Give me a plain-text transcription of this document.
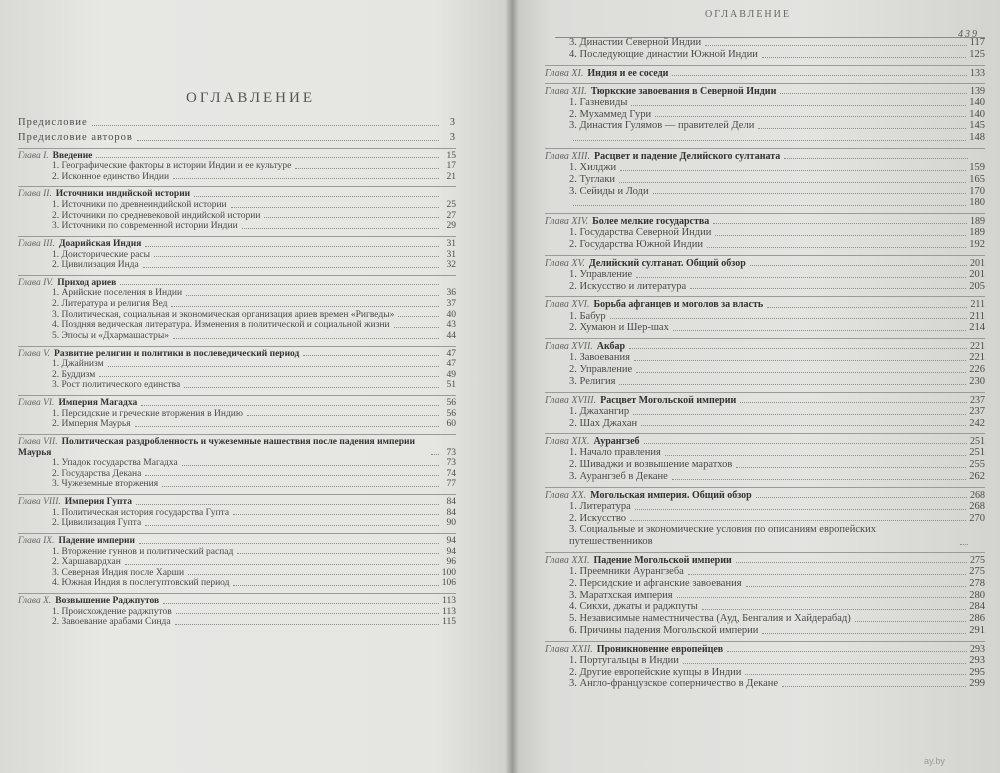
ОГЛАВЛЕНИЕ
ОГЛАВЛЕНИЕ
439
Предисловие	3
Предисловие авторов	3
Глава I. Введение	15
1. Географические факторы в истории Индии и ее культуре	17
2. Исконное единство Индии	21
Глава II. Источники индийской истории
1. Источники по древнеиндийской истории	25
2. Источники по средневековой индийской истории	27
3. Источники по современной истории Индии	29
Глава III. Доарийская Индия	31
1. Доисторические расы	31
2. Цивилизация Инда	32
Глава IV. Приход ариев
1. Арийские поселения в Индии	36
2. Литература и религия Вед	37
3. Политическая, социальная и экономическая организация ариев времен «Ригведы»	40
4. Поздняя ведическая литература. Изменения в политической и социальной жизни	43
5. Эпосы и «Дхармашастры»	44
Глава V. Развитие религии и политики в послеведический период	47
1. Джайнизм	47
2. Буддизм	49
3. Рост политического единства	51
Глава VI. Империя Магадха	56
1. Персидские и греческие вторжения в Индию	56
2. Империя Маурья	60
Глава VII. Политическая раздробленность и чужеземные нашествия после падения империи Маурья	73
1. Упадок государства Магадха	73
2. Государства Декана	74
3. Чужеземные вторжения	77
Глава VIII. Империя Гупта	84
1. Политическая история государства Гупта	84
2. Цивилизация Гупта	90
Глава IX. Падение империи	94
1. Вторжение гуннов и политический распад	94
2. Харшавардхан	96
3. Северная Индия после Харши	100
4. Южная Индия в послегуптовский период	106
Глава X. Возвышение Раджпутов	113
1. Происхождение раджпутов	113
2. Завоевание арабами Синда	115
3. Династии Северной Индии	117
4. Последующие династии Южной Индии	125
Глава XI. Индия и ее соседи	133
Глава XII. Тюркские завоевания в Северной Индии	139
1. Газневиды	140
2. Мухаммед Гури	140
3. Династия Гулямов — правителей Дели	145
148
Глава XIII. Расцвет и падение Делийского султаната
1. Хилджи	159
2. Туглаки	165
3. Сейиды и Лоди	170
180
Глава XIV. Более мелкие государства	189
1. Государства Северной Индии	189
2. Государства Южной Индии	192
Глава XV. Делийский султанат. Общий обзор	201
1. Управление	201
2. Искусство и литература	205
Глава XVI. Борьба афганцев и моголов за власть	211
1. Бабур	211
2. Хумаюн и Шер-шах	214
Глава XVII. Акбар	221
1. Завоевания	221
2. Управление	226
3. Религия	230
Глава XVIII. Расцвет Могольской империи	237
1. Джахангир	237
2. Шах Джахан	242
Глава XIX. Аурангзеб	251
1. Начало правления	251
2. Шиваджи и возвышение маратхов	255
3. Аурангзеб в Декане	262
Глава XX. Могольская империя. Общий обзор	268
1. Литература	268
2. Искусство	270
3. Социальные и экономические условия по описаниям европейских путешественников
Глава XXI. Падение Могольской империи	275
1. Преемники Аурангзеба	275
2. Персидские и афганские завоевания	278
3. Маратхская империя	280
4. Сикхи, джаты и раджпуты	284
5. Независимые наместничества (Ауд, Бенгалия и Хайдерабад)	286
6. Причины падения Могольской империи	291
Глава XXII. Проникновение европейцев	293
1. Португальцы в Индии	293
2. Другие европейские купцы в Индии	295
3. Англо-французское соперничество в Декане	299
ay.by
